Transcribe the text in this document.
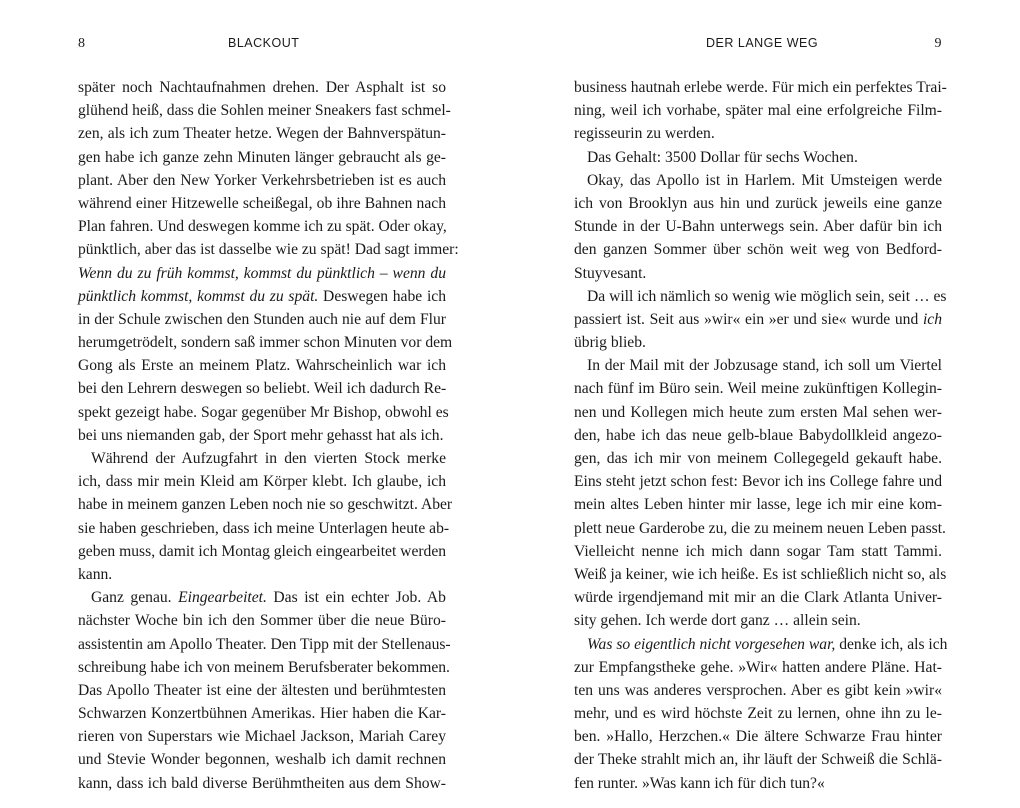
8	BLACKOUT
später noch Nachtaufnahmen drehen. Der Asphalt ist so
glühend heiß, dass die Sohlen meiner Sneakers fast schmel-
zen, als ich zum Theater hetze. Wegen der Bahnverspätun-
gen habe ich ganze zehn Minuten länger gebraucht als ge-
plant. Aber den New Yorker Verkehrsbetrieben ist es auch
während einer Hitzewelle scheißegal, ob ihre Bahnen nach
Plan fahren. Und deswegen komme ich zu spät. Oder okay,
pünktlich, aber das ist dasselbe wie zu spät! Dad sagt immer:
Wenn du zu früh kommst, kommst du pünktlich – wenn du
pünktlich kommst, kommst du zu spät. Deswegen habe ich
in der Schule zwischen den Stunden auch nie auf dem Flur
herumgetrödelt, sondern saß immer schon Minuten vor dem
Gong als Erste an meinem Platz. Wahrscheinlich war ich
bei den Lehrern deswegen so beliebt. Weil ich dadurch Re-
spekt gezeigt habe. Sogar gegenüber Mr Bishop, obwohl es
bei uns niemanden gab, der Sport mehr gehasst hat als ich.
Während der Aufzugfahrt in den vierten Stock merke
ich, dass mir mein Kleid am Körper klebt. Ich glaube, ich
habe in meinem ganzen Leben noch nie so geschwitzt. Aber
sie haben geschrieben, dass ich meine Unterlagen heute ab-
geben muss, damit ich Montag gleich eingearbeitet werden
kann.
Ganz genau. Eingearbeitet. Das ist ein echter Job. Ab
nächster Woche bin ich den Sommer über die neue Büro-
assistentin am Apollo Theater. Den Tipp mit der Stellenaus-
schreibung habe ich von meinem Berufsberater bekommen.
Das Apollo Theater ist eine der ältesten und berühmtesten
Schwarzen Konzertbühnen Amerikas. Hier haben die Kar-
rieren von Superstars wie Michael Jackson, Mariah Carey
und Stevie Wonder begonnen, weshalb ich damit rechnen
kann, dass ich bald diverse Berühmtheiten aus dem Show-
DER LANGE WEG	9
business hautnah erlebe werde. Für mich ein perfektes Trai-
ning, weil ich vorhabe, später mal eine erfolgreiche Film-
regisseurin zu werden.
Das Gehalt: 3500 Dollar für sechs Wochen.
Okay, das Apollo ist in Harlem. Mit Umsteigen werde
ich von Brooklyn aus hin und zurück jeweils eine ganze
Stunde in der U-Bahn unterwegs sein. Aber dafür bin ich
den ganzen Sommer über schön weit weg von Bedford-
Stuyvesant.
Da will ich nämlich so wenig wie möglich sein, seit … es
passiert ist. Seit aus »wir« ein »er und sie« wurde und ich
übrig blieb.
In der Mail mit der Jobzusage stand, ich soll um Viertel
nach fünf im Büro sein. Weil meine zukünftigen Kollegin-
nen und Kollegen mich heute zum ersten Mal sehen wer-
den, habe ich das neue gelb-blaue Babydollkleid angezo-
gen, das ich mir von meinem Collegegeld gekauft habe.
Eins steht jetzt schon fest: Bevor ich ins College fahre und
mein altes Leben hinter mir lasse, lege ich mir eine kom-
plett neue Garderobe zu, die zu meinem neuen Leben passt.
Vielleicht nenne ich mich dann sogar Tam statt Tammi.
Weiß ja keiner, wie ich heiße. Es ist schließlich nicht so, als
würde irgendjemand mit mir an die Clark Atlanta Univer-
sity gehen. Ich werde dort ganz … allein sein.
Was so eigentlich nicht vorgesehen war, denke ich, als ich
zur Empfangstheke gehe. »Wir« hatten andere Pläne. Hat-
ten uns was anderes versprochen. Aber es gibt kein »wir«
mehr, und es wird höchste Zeit zu lernen, ohne ihn zu le-
ben. »Hallo, Herzchen.« Die ältere Schwarze Frau hinter
der Theke strahlt mich an, ihr läuft der Schweiß die Schlä-
fen runter. »Was kann ich für dich tun?«
